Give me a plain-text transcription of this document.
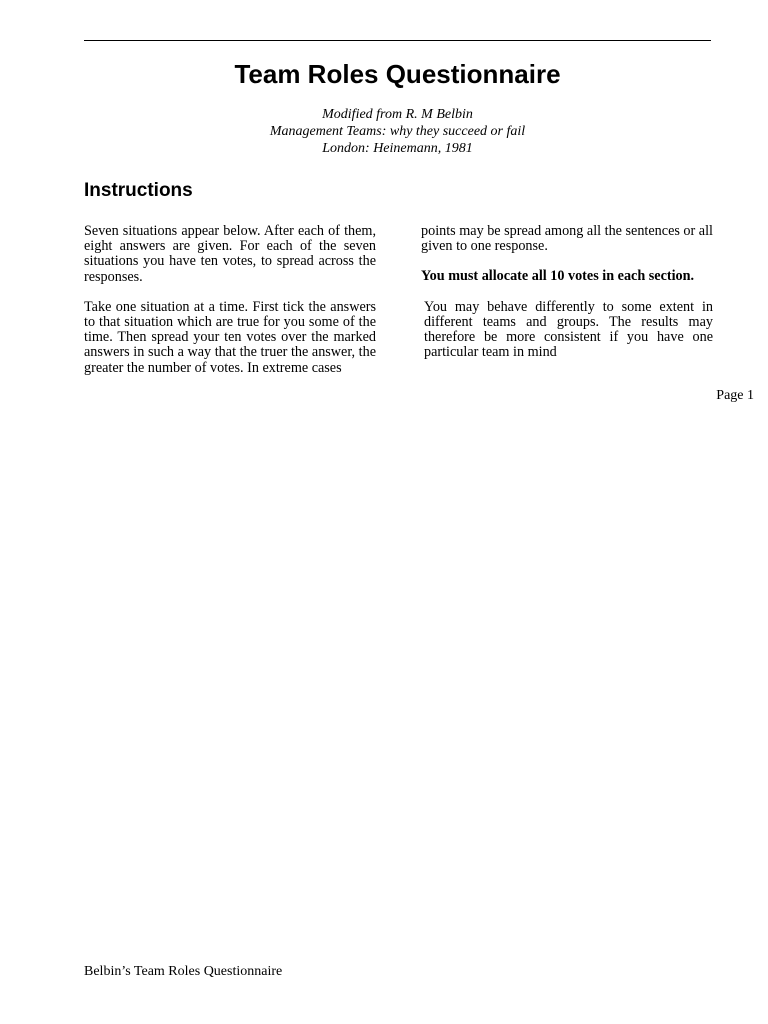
Team Roles Questionnaire
Modified from R. M Belbin
Management Teams: why they succeed or fail
London: Heinemann, 1981
Instructions

Seven situations appear below. After each of them, eight answers are given. For each of the seven situations you have ten votes, to spread across the responses.

Take one situation at a time. First tick the answers to that situation which are true for you some of the time. Then spread your ten votes over the marked answers in such a way that the truer the answer, the greater the number of votes. In extreme cases

points may be spread among all the sentences or all given to one response.

You must allocate all 10 votes in each section.

You may behave differently to some extent in different teams and groups. The results may therefore be more consistent if you have one particular team in mind

Page 1
Belbin’s Team Roles Questionnaire
